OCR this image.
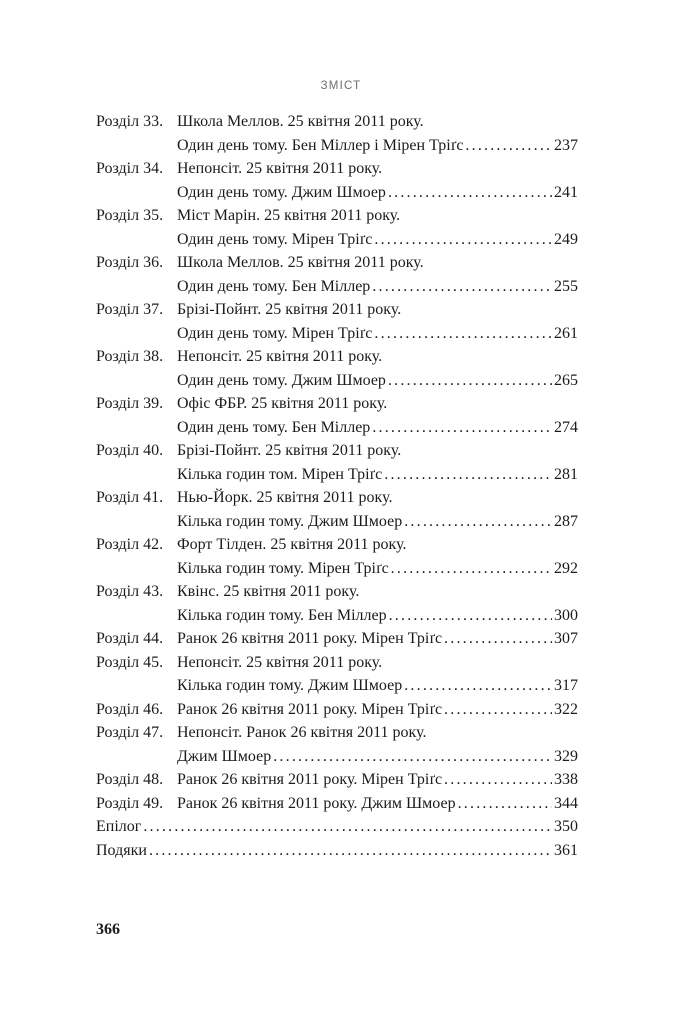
ЗМІСТ
Розділ 33. Школа Меллов. 25 квітня 2011 року.
Один день тому. Бен Міллер і Мірен Тріґс .....	237
Розділ 34. Непонсіт. 25 квітня 2011 року.
Один день тому. Джим Шмоер .....	241
Розділ 35. Міст Марін. 25 квітня 2011 року.
Один день тому. Мірен Тріґс .....	249
Розділ 36. Школа Меллов. 25 квітня 2011 року.
Один день тому. Бен Міллер .....	255
Розділ 37. Брізі-Пойнт. 25 квітня 2011 року.
Один день тому. Мірен Тріґс .....	261
Розділ 38. Непонсіт. 25 квітня 2011 року.
Один день тому. Джим Шмоер .....	265
Розділ 39. Офіс ФБР. 25 квітня 2011 року.
Один день тому. Бен Міллер .....	274
Розділ 40. Брізі-Пойнт. 25 квітня 2011 року.
Кілька годин том. Мірен Тріґс .....	281
Розділ 41. Нью-Йорк. 25 квітня 2011 року.
Кілька годин тому. Джим Шмоер .....	287
Розділ 42. Форт Тілден. 25 квітня 2011 року.
Кілька годин тому. Мірен Тріґс .....	292
Розділ 43. Квінс. 25 квітня 2011 року.
Кілька годин тому. Бен Міллер .....	300
Розділ 44. Ранок 26 квітня 2011 року. Мірен Тріґс .....	307
Розділ 45. Непонсіт. 25 квітня 2011 року.
Кілька годин тому. Джим Шмоер .....	317
Розділ 46. Ранок 26 квітня 2011 року. Мірен Тріґс .....	322
Розділ 47. Непонсіт. Ранок 26 квітня 2011 року.
Джим Шмоер .....	329
Розділ 48. Ранок 26 квітня 2011 року. Мірен Тріґс .....	338
Розділ 49. Ранок 26 квітня 2011 року. Джим Шмоер .....	344
Епілог .....	350
Подяки .....	361
366
